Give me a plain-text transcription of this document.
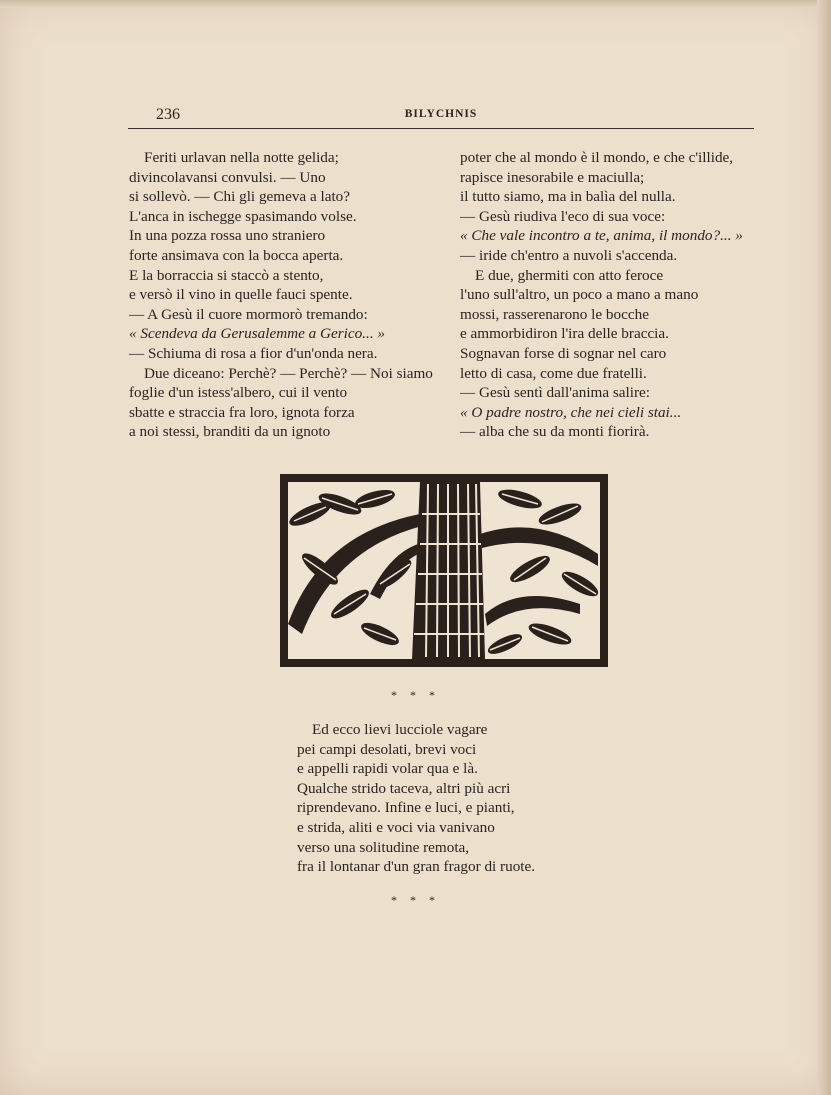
236	BILYCHNIS
Feriti urlavan nella notte gelida;
divincolavansi convulsi. — Uno
si sollevò. — Chi gli gemeva a lato?
L'anca in ischegge spasimando volse.
In una pozza rossa uno straniero
forte ansimava con la bocca aperta.
E la borraccia si staccò a stento,
e versò il vino in quelle fauci spente.
— A Gesù il cuore mormorò tremando:
« Scendeva da Gerusalemme a Gerico... »
— Schiuma di rosa a fior d'un'onda nera.
Due diceano: Perchè? — Perchè? — Noi siamo
foglie d'un istess'albero, cui il vento
sbatte e straccia fra loro, ignota forza
a noi stessi, branditi da un ignoto
poter che al mondo è il mondo, e che c'illide,
rapisce inesorabile e maciulla;
il tutto siamo, ma in balìa del nulla.
— Gesù riudiva l'eco di sua voce:
« Che vale incontro a te, anima, il mondo?... »
— iride ch'entro a nuvoli s'accenda.
E due, ghermiti con atto feroce
l'uno sull'altro, un poco a mano a mano
mossi, rasserenarono le bocche
e ammorbidiron l'ira delle braccia.
Sognavan forse di sognar nel caro
letto di casa, come due fratelli.
— Gesù sentì dall'anima salire:
« O padre nostro, che nei cieli stai...
— alba che su da monti fiorirà.
* * *
Ed ecco lievi lucciole vagare
pei campi desolati, brevi voci
e appelli rapidi volar qua e là.
Qualche strido taceva, altri più acri
riprendevano. Infine e luci, e pianti,
e strida, aliti e voci via vanivano
verso una solitudine remota,
fra il lontanar d'un gran fragor di ruote.
* * *
